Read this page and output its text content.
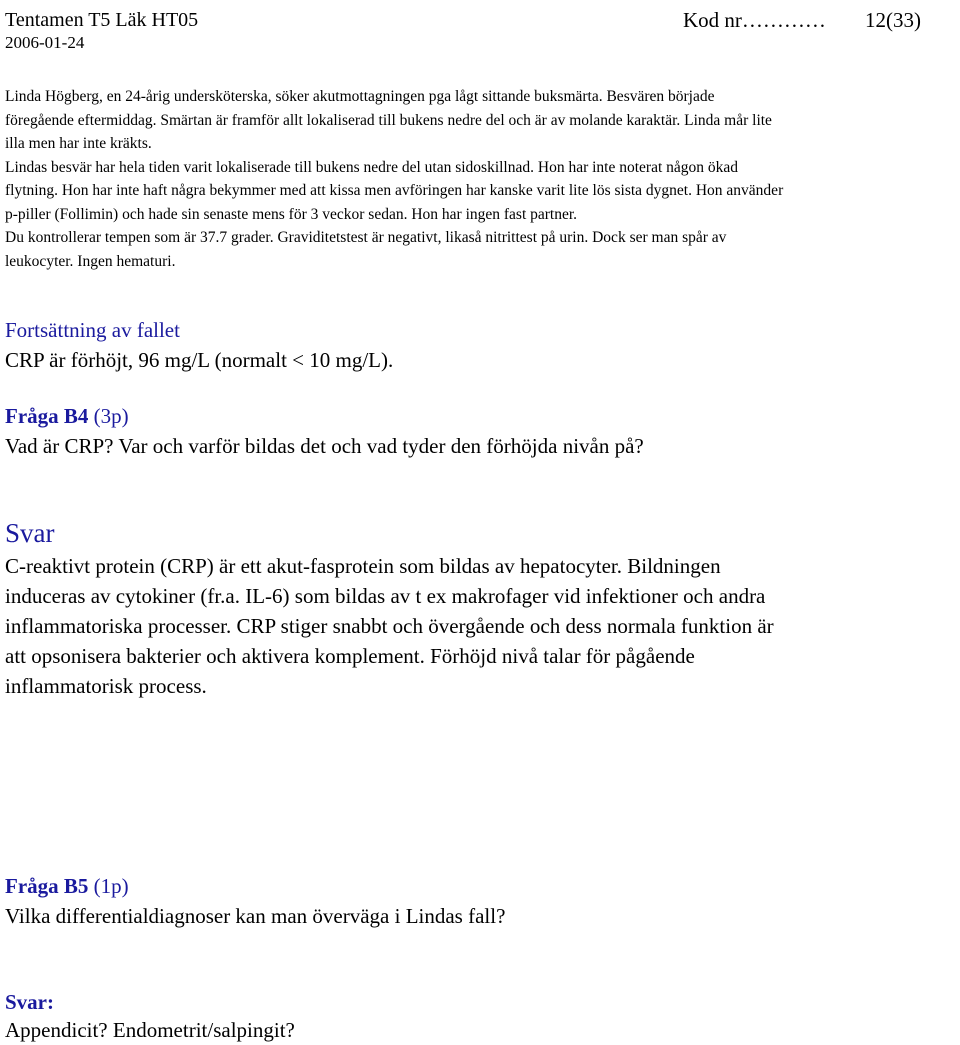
Tentamen T5 Läk HT05
2006-01-24
Kod nr………… 12(33)

Linda Högberg, en 24-årig undersköterska, söker akutmottagningen pga lågt sittande buksmärta. Besvären började

föregående eftermiddag. Smärtan är framför allt lokaliserad till bukens nedre del och är av molande karaktär. Linda mår lite

illa men har inte kräkts.

Lindas besvär har hela tiden varit lokaliserade till bukens nedre del utan sidoskillnad. Hon har inte noterat någon ökad

flytning. Hon har inte haft några bekymmer med att kissa men avföringen har kanske varit lite lös sista dygnet. Hon använder

p-piller (Follimin) och hade sin senaste mens för 3 veckor sedan. Hon har ingen fast partner.

Du kontrollerar tempen som är 37.7 grader. Graviditetstest är negativt, likaså nitrittest på urin. Dock ser man spår av

leukocyter. Ingen hematuri.

Fortsättning av fallet
CRP är förhöjt, 96 mg/L (normalt < 10 mg/L).
Fråga B4 (3p)
Vad är CRP? Var och varför bildas det och vad tyder den förhöjda nivån på?
Svar

C-reaktivt protein (CRP) är ett akut-fasprotein som bildas av hepatocyter. Bildningen

induceras av cytokiner (fr.a. IL-6) som bildas av t ex makrofager vid infektioner och andra

inflammatoriska processer. CRP stiger snabbt och övergående och dess normala funktion är

att opsonisera bakterier och aktivera komplement. Förhöjd nivå talar för pågående

inflammatorisk process.

Fråga B5 (1p)
Vilka differentialdiagnoser kan man överväga i Lindas fall?
Svar:
Appendicit? Endometrit/salpingit?
